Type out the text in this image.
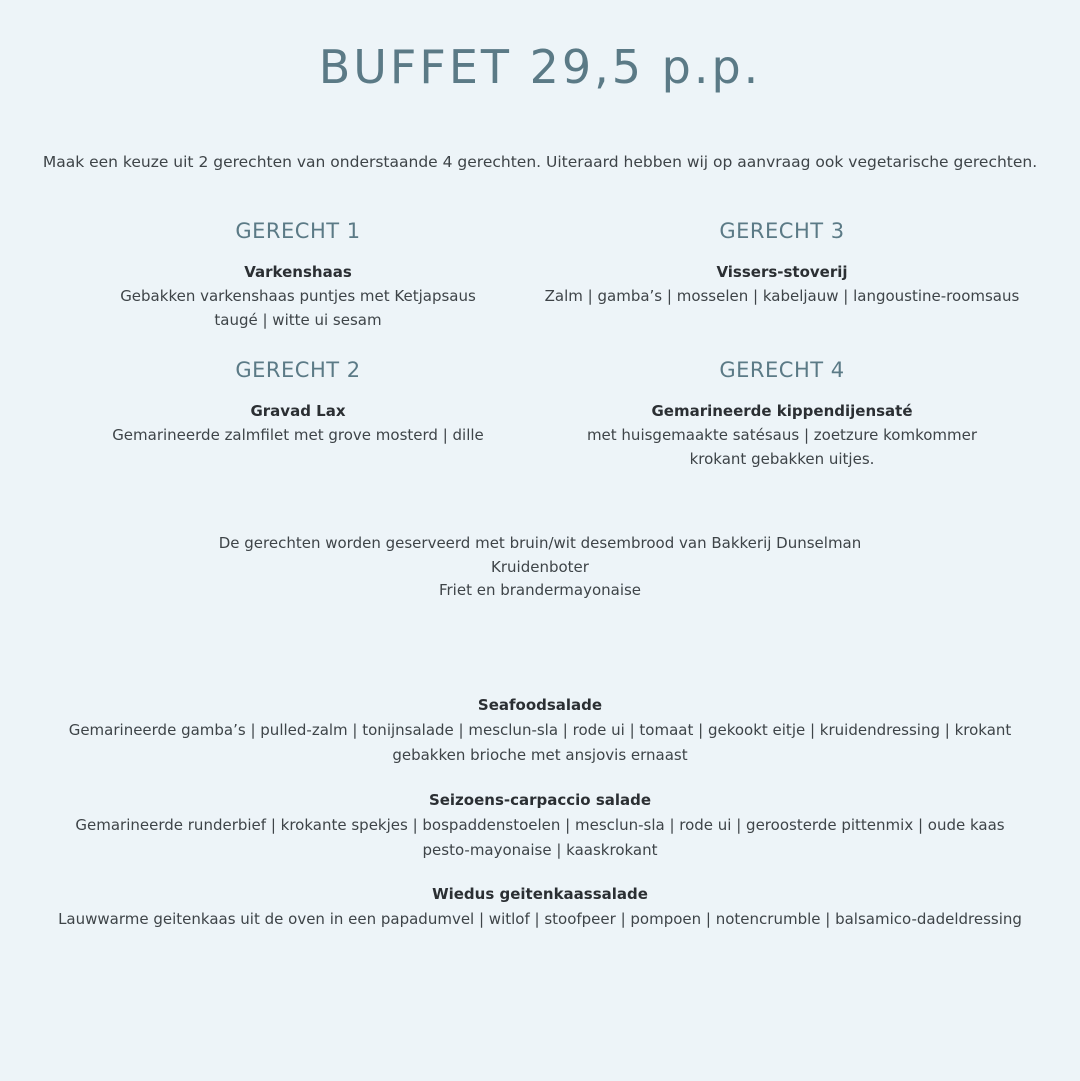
BUFFET 29,5 p.p.
Maak een keuze uit 2 gerechten van onderstaande 4 gerechten. Uiteraard hebben wij op aanvraag ook vegetarische gerechten.
GERECHT 1
Varkenshaas
Gebakken varkenshaas puntjes met Ketjapsaus
taugé | witte ui sesam
GERECHT 2
Gravad Lax
Gemarineerde zalmfilet met grove mosterd | dille
GERECHT 3
Vissers-stoverij
Zalm | gamba’s | mosselen | kabeljauw | langoustine-roomsaus
GERECHT 4
Gemarineerde kippendijensaté
met huisgemaakte satésaus | zoetzure komkommer
krokant gebakken uitjes.
De gerechten worden geserveerd met bruin/wit desembrood van Bakkerij Dunselman
Kruidenboter
Friet en brandermayonaise
Seafoodsalade
Gemarineerde gamba’s | pulled-zalm | tonijnsalade | mesclun-sla | rode ui | tomaat | gekookt eitje | kruidendressing | krokant
gebakken brioche met ansjovis ernaast
Seizoens-carpaccio salade
Gemarineerde runderbief | krokante spekjes | bospaddenstoelen | mesclun-sla | rode ui | geroosterde pittenmix | oude kaas
pesto-mayonaise | kaaskrokant
Wiedus geitenkaassalade
Lauwwarme geitenkaas uit de oven in een papadumvel | witlof | stoofpeer | pompoen | notencrumble | balsamico-dadeldressing
